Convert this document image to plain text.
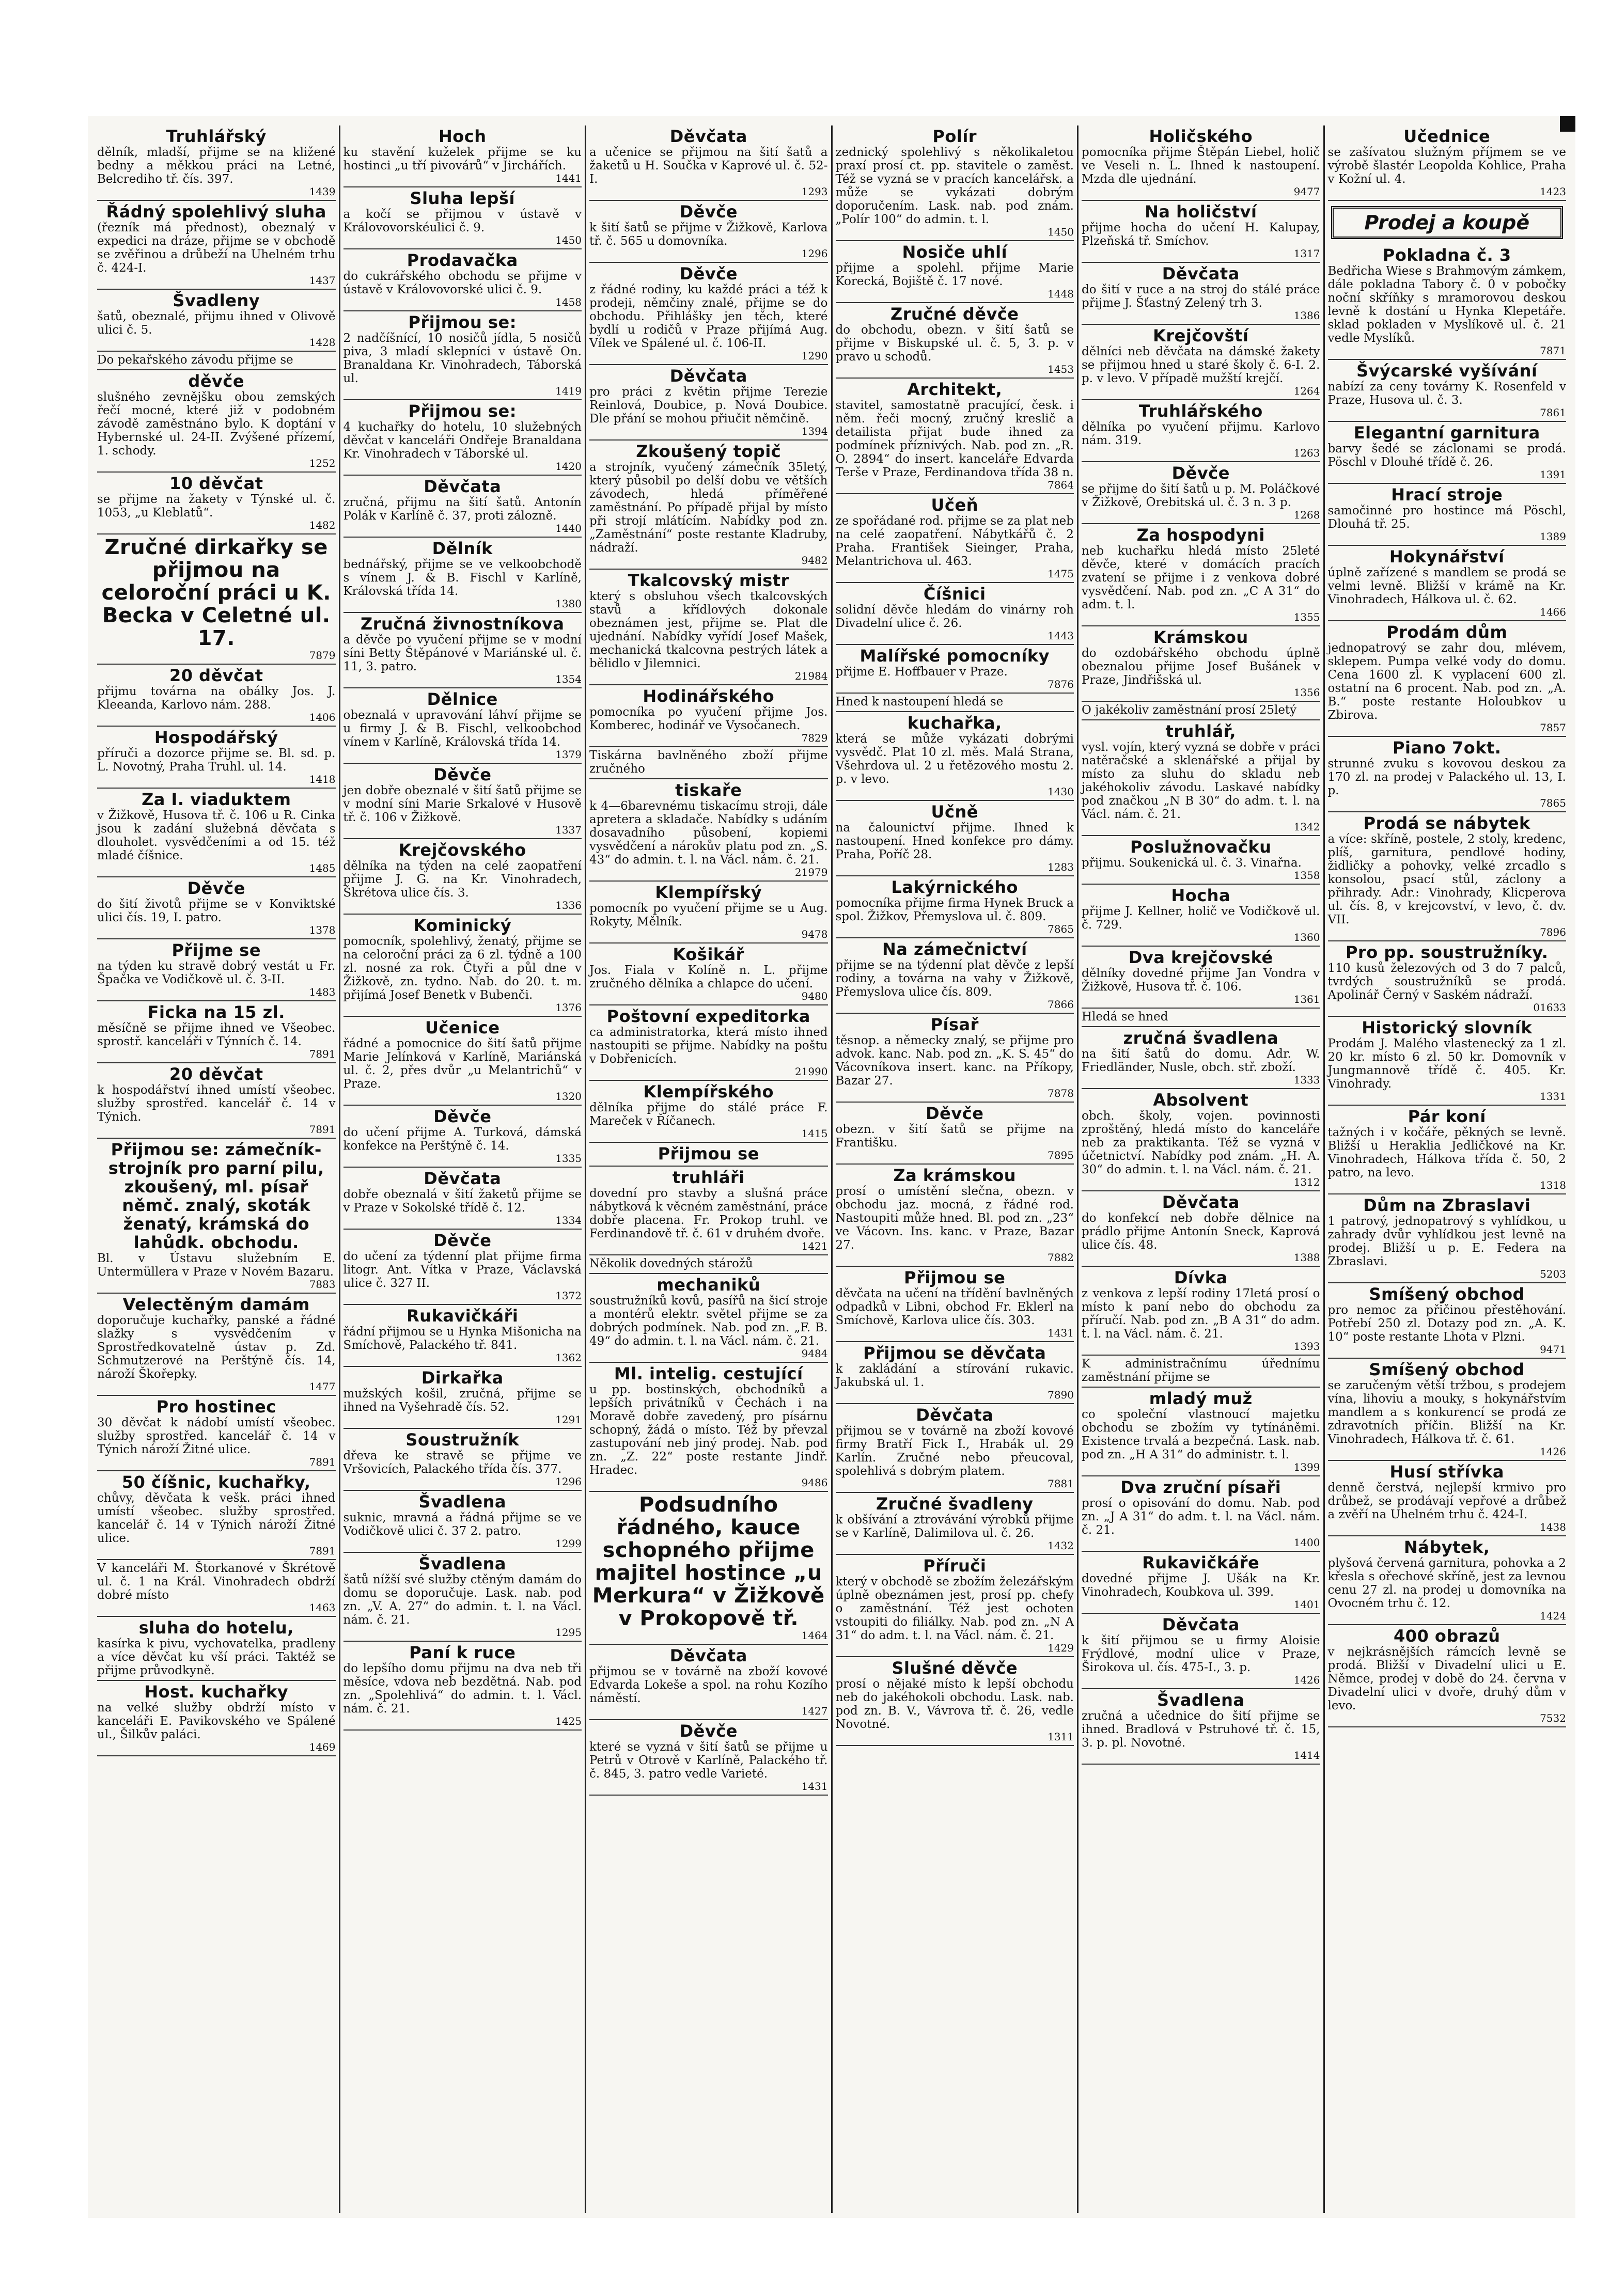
Truhlářský
dělník, mladší, přijme se na kližené bedny a měkkou práci na Letné, Belcrediho tř. čís. 397.
1439
Řádný spolehlivý sluha
(řezník má přednost), obeznalý v expedici na dráze, přijme se v obchodě se zvěřinou a drůbeží na Uhelném trhu č. 424-I.
1437
Švadleny
šatů, obeznalé, přijmu ihned v Olivově ulici č. 5.
1428
Do pekařského závodu přijme se
děvče
slušného zevnějšku obou zemských řečí mocné, které již v podobném závodě zaměstnáno bylo. K doptání v Hybernské ul. 24-II. Zvýšené přízemí, 1. schody.
1252
10 děvčat
se přijme na žakety v Týnské ul. č. 1053, „u Kleblatů“.
1482
Zručné dirkařky se přijmou na celoroční práci u K. Becka v Celetné ul. 17.
7879
20 děvčat
přijmu továrna na obálky Jos. J. Kleeanda, Karlovo nám. 288.
1406
Hospodářský
příruči a dozorce přijme se. Bl. sd. p. L. Novotný, Praha Truhl. ul. 14.
1418
Za I. viaduktem
v Žižkově, Husova tř. č. 106 u R. Cinka jsou k zadání služebná děvčata s dlouholet. vysvědčeními a od 15. též mladé číšnice.
1485
Děvče
do šití životů přijme se v Konviktské ulici čís. 19, I. patro.
1378
Přijme se
na týden ku stravě dobrý vestát u Fr. Špačka ve Vodičkově ul. č. 3-II.
1483
Ficka na 15 zl.
měsíčně se přijme ihned ve Všeobec. sprostř. kanceláři v Týnních č. 14.
7891
20 děvčat
k hospodářství ihned umístí všeobec. služby sprostřed. kancelář č. 14 v Týnich.
7891
Přijmou se: zámečník-strojník pro parní pilu, zkoušený, ml. písař němč. znalý, skoták ženatý, krámská do lahůdk. obchodu.
Bl. v Ústavu služebním E. Untermüllera v Praze v Novém Bazaru.
7883
Velectěným damám
doporučuje kuchařky, panské a řádné slažky s vysvědčením v Sprostředkovatelně ústav p. Zd. Schmutzerové na Perštýně čís. 14, nároží Škořepky.
1477
Pro hostinec
30 děvčat k nádobí umístí všeobec. služby sprostřed. kancelář č. 14 v Týnich nároží Žitné ulice.
7891
50 číšnic, kuchařky,
chůvy, děvčata k vešk. práci ihned umístí všeobec. služby sprostřed. kancelář č. 14 v Týnich nároží Žitné ulice.
7891
V kanceláři M. Štorkanové v Škrétově ul. č. 1 na Král. Vinohradech obdrží dobré místo
1463
sluha do hotelu,
kasírka k pivu, vychovatelka, pradleny a více děvčat ku vší práci. Taktéž se přijme průvodkyně.
Host. kuchařky
na velké služby obdrží místo v kanceláři E. Pavikovského ve Spálené ul., Šilkův paláci.
1469
Hoch
ku stavění kuželek přijme se ku hostinci „u tří pivovárů“ v Jirchářích.
1441
Sluha lepší
a kočí se přijmou v ústavě v Královovorskéulici č. 9.
1450
Prodavačka
do cukrářského obchodu se přijme v ústavě v Královovorské ulici č. 9.
1458
Přijmou se:
2 nadčíšnící, 10 nosičů jídla, 5 nosičů piva, 3 mladí sklepníci v ústavě On. Branaldana Kr. Vinohradech, Táborská ul.
1419
Přijmou se:
4 kuchařky do hotelu, 10 služebných děvčat v kanceláři Ondřeje Branaldana Kr. Vinohradech v Táborské ul.
1420
Děvčata
zručná, přijmu na šití šatů. Antonín Polák v Karlíně č. 37, proti zálozně.
1440
Dělník
bednářský, přijme se ve velkoobchodě s vínem J. & B. Fischl v Karlíně, Královská třída 14.
1380
Zručná živnostníkova
a děvče po vyučení přijme se v modní síni Betty Štěpánové v Mariánské ul. č. 11, 3. patro.
1354
Dělnice
obeznalá v upravování láhví přijme se u firmy J. & B. Fischl, velkoobchod vínem v Karlíně, Královská třída 14.
1379
Děvče
jen dobře obeznalé v šití šatů přijme se v modní síni Marie Srkalové v Husově tř. č. 106 v Žižkově.
1337
Krejčovského
dělníka na týden na celé zaopatření přijme J. G. na Kr. Vinohradech, Škrétova ulice čís. 3.
1336
Kominický
pomocník, spolehlivý, ženatý, přijme se na celoroční práci za 6 zl. týdně a 100 zl. nosné za rok. Čtyři a půl dne v Žižkově, zn. tydno. Nab. do 20. t. m. přijímá Josef Benetk v Bubenči.
1376
Učenice
řádné a pomocnice do šití šatů přijme Marie Jelínková v Karlíně, Mariánská ul. č. 2, přes dvůr „u Melantrichů“ v Praze.
1320
Děvče
do učení přijme A. Turková, dámská konfekce na Perštýně č. 14.
1335
Děvčata
dobře obeznalá v šití žaketů přijme se v Praze v Sokolské třídě č. 12.
1334
Děvče
do učení za týdenní plat přijme firma litogr. Ant. Vítka v Praze, Václavská ulice č. 327 II.
1372
Rukavičkáři
řádní přijmou se u Hynka Mišonicha na Smíchově, Palackého tř. 841.
1362
Dirkařka
mužských košil, zručná, přijme se ihned na Vyšehradě čís. 52.
1291
Soustružník
dřeva ke stravě se přijme ve Vršovicích, Palackého třída čís. 377.
1296
Švadlena
suknic, mravná a řádná přijme se ve Vodičkově ulici č. 37 2. patro.
1299
Švadlena
šatů nížší své služby ctěným damám do domu se doporučuje. Lask. nab. pod zn. „V. A. 27“ do admin. t. l. na Václ. nám. č. 21.
1295
Paní k ruce
do lepšího domu přijmu na dva neb tři měsíce, vdova neb bezdětná. Nab. pod zn. „Spolehlivá“ do admin. t. l. Václ. nám. č. 21.
1425
Děvčata
a učenice se přijmou na šití šatů a žaketů u H. Součka v Kaprové ul. č. 52-I.
1293
Děvče
k šití šatů se přijme v Žižkově, Karlova tř. č. 565 u domovníka.
1296
Děvče
z řádné rodiny, ku každé práci a též k prodeji, němčiny znalé, přijme se do obchodu. Přihlášky jen těch, které bydlí u rodičů v Praze přijímá Aug. Vílek ve Spálené ul. č. 106-II.
1290
Děvčata
pro práci z květin přijme Terezie Reinlová, Doubice, p. Nová Doubice. Dle přání se mohou přiučit němčině.
1394
Zkoušený topič
a strojník, vyučený zámečník 35letý, který působil po delší dobu ve větších závodech, hledá příměřené zaměstnání. Po případě přijal by místo při strojí mlátícím. Nabídky pod zn. „Zaměstnání“ poste restante Kladruby, nádraží.
9482
Tkalcovský mistr
který s obsluhou všech tkalcovských stavů a křídlových dokonale obeznámen jest, přijme se. Plat dle ujednání. Nabídky vyřídí Josef Mašek, mechanická tkalcovna pestrých látek a bělidlo v Jilemnici.
21984
Hodinářského
pomocníka po vyučení přijme Jos. Komberec, hodinář ve Vysočanech.
7829
Tiskárna bavlněného zboží přijme zručného
tiskaře
k 4—6barevnému tiskacímu stroji, dále apretera a skladače. Nabídky s udáním dosavadního působení, kopiemi vysvědčení a nárokův platu pod zn. „S. 43“ do admin. t. l. na Václ. nám. č. 21.
21979
Klempířský
pomocník po vyučení přijme se u Aug. Rokyty, Mělník.
9478
Košikář
Jos. Fiala v Kolíně n. L. přijme zručného dělníka a chlapce do učení.
9480
Poštovní expeditorka
ca administratorka, která místo ihned nastoupiti se přijme. Nabídky na poštu v Dobřenicích.
21990
Klempířského
dělníka přijme do stálé práce F. Mareček v Říčanech.
1415
Přijmou se
truhláři
dovední pro stavby a slušná práce nábytková k věcném zaměstnání, práce dobře placena. Fr. Prokop truhl. ve Ferdinandově tř. č. 61 v druhém dvoře.
1421
Několik dovedných stárožů
mechaniků
soustružníků kovů, pasířů na šicí stroje a montérů elektr. světel přijme se za dobrých podmínek. Nab. pod zn. „F. B. 49“ do admin. t. l. na Václ. nám. č. 21.
9484
Ml. intelig. cestující
u pp. bostinských, obchodníků a lepších privátníků v Čechách i na Moravě dobře zavedený, pro písárnu schopný, žádá o místo. Též by převzal zastupování neb jiný prodej. Nab. pod zn. „Z. 22“ poste restante Jindř. Hradec.
9486
Podsudního řádného, kauce schopného přijme majitel hostince „u Merkura“ v Žižkově v Prokopově tř.
1464
Děvčata
přijmou se v továrně na zboží kovové Edvarda Lokeše a spol. na rohu Kozího náměstí.
1427
Děvče
které se vyzná v šití šatů se přijme u Petrů v Otrově v Karlíně, Palackého tř. č. 845, 3. patro vedle Varieté.
1431
Polír
zednický spolehlivý s několikaletou praxí prosí ct. pp. stavitele o zaměst. Též se vyzná se v pracích kancelářsk. a může se vykázati dobrým doporučením. Lask. nab. pod znám. „Polír 100“ do admin. t. l.
1450
Nosiče uhlí
přijme a spolehl. přijme Marie Korecká, Bojiště č. 17 nové.
1448
Zručné děvče
do obchodu, obezn. v šití šatů se přijme v Biskupské ul. č. 5, 3. p. v pravo u schodů.
1453
Architekt,
stavitel, samostatně pracující, česk. i něm. řeči mocný, zručný kreslič a detailista přijat bude ihned za podmínek příznivých. Nab. pod zn. „R. O. 2894“ do insert. kanceláře Edvarda Terše v Praze, Ferdinandova třída 38 n.
7864
Učeň
ze spořádané rod. přijme se za plat neb na celé zaopatření. Nábytkářů č. 2 Praha. František Sieinger, Praha, Melantrichova ul. 463.
1475
Číšnici
solidní děvče hledám do vinárny roh Divadelní ulice č. 26.
1443
Malířské pomocníky
přijme E. Hoffbauer v Praze.
7876
Hned k nastoupení hledá se
kuchařka,
která se může vykázati dobrými vysvědč. Plat 10 zl. měs. Malá Strana, Všehrdova ul. 2 u řetězového mostu 2. p. v levo.
1430
Učně
na čalounictví přijme. Ihned k nastoupení. Hned konfekce pro dámy. Praha, Poříč 28.
1283
Lakýrnického
pomocníka přijme firma Hynek Bruck a spol. Žižkov, Přemyslova ul. č. 809.
7865
Na zámečnictví
přijme se na týdenní plat děvče z lepší rodiny, a továrna na vahy v Žižkově, Přemyslova ulice čís. 809.
7866
Písař
těsnop. a německy znalý, se přijme pro advok. kanc. Nab. pod zn. „K. S. 45“ do Vácovníkova insert. kanc. na Příkopy, Bazar 27.
7878
Děvče
obezn. v šití šatů se přijme na Františku.
7895
Za krámskou
prosí o umístění slečna, obezn. v obchodu jaz. mocná, z řádné rod. Nastoupiti může hned. Bl. pod zn. „23“ ve Vácovn. Ins. kanc. v Praze, Bazar 27.
7882
Přijmou se
děvčata na učení na třídění bavlněných odpadků v Libni, obchod Fr. Eklerl na Smíchově, Karlova ulice čís. 303.
1431
Přijmou se děvčata
k zakládání a stírování rukavic. Jakubská ul. 1.
7890
Děvčata
přijmou se v továrně na zboží kovové firmy Bratří Fick I., Hrabák ul. 29 Karlín. Zručné nebo přeucoval, spolehlivá s dobrým platem.
7881
Zručné švadleny
k obšívání a ztrovávání výrobků přijme se v Karlíně, Dalimilova ul. č. 26.
1432
Příruči
který v obchodě se zbožím železářským úplně obeznámen jest, prosí pp. chefy o zaměstnání. Též jest ochoten vstoupiti do filiálky. Nab. pod zn. „N A 31“ do adm. t. l. na Václ. nám. č. 21.
1429
Slušné děvče
prosí o nějaké místo k lepší obchodu neb do jakéhokoli obchodu. Lask. nab. pod zn. B. V., Vávrova tř. č. 26, vedle Novotné.
1311
Holičského
pomocníka přijme Štěpán Liebel, holič ve Veseli n. L. Ihned k nastoupení. Mzda dle ujednání.
9477
Na holičství
přijme hocha do učení H. Kalupay, Plzeňská tř. Smíchov.
1317
Děvčata
do šití v ruce a na stroj do stálé práce přijme J. Šťastný Zelený trh 3.
1386
Krejčovští
dělníci neb děvčata na dámské žakety se přijmou hned u staré školy č. 6-I. 2. p. v levo. V případě mužští krejčí.
1264
Truhlářského
dělníka po vyučení přijmu. Karlovo nám. 319.
1263
Děvče
se přijme do šití šatů u p. M. Poláčkové v Žižkově, Orebitská ul. č. 3 n. 3 p.
1268
Za hospodyni
neb kuchařku hledá místo 25leté děvče, které v domácích pracích zvatení se přijme i z venkova dobré vysvědčení. Nab. pod zn. „C A 31“ do adm. t. l.
1355
Krámskou
do ozdobářského obchodu úplně obeznalou přijme Josef Bušánek v Praze, Jindřišská ul.
1356
O jakékoliv zaměstnání prosí 25letý
truhlář,
vysl. vojín, který vyzná se dobře v práci natěračské a sklenářské a přijal by místo za sluhu do skladu neb jakéhokoliv závodu. Laskavé nabídky pod značkou „N B 30“ do adm. t. l. na Václ. nám. č. 21.
1342
Poslužnovačku
přijmu. Soukenická ul. č. 3. Vinařna.
1358
Hocha
přijme J. Kellner, holič ve Vodičkově ul. č. 729.
1360
Dva krejčovské
dělníky dovedné přijme Jan Vondra v Žižkově, Husova tř. č. 106.
1361
Hledá se hned
zručná švadlena
na šití šatů do domu. Adr. W. Friedländer, Nusle, obch. stř. zboží.
1333
Absolvent
obch. školy, vojen. povinnosti zproštěný, hledá místo do kanceláře neb za praktikanta. Též se vyzná v účetnictví. Nabídky pod znám. „H. A. 30“ do admin. t. l. na Václ. nám. č. 21.
1312
Děvčata
do konfekcí neb dobře dělnice na prádlo přijme Antonín Sneck, Kaprová ulice čís. 48.
1388
Dívka
z venkova z lepší rodiny 17letá prosí o místo k paní nebo do obchodu za příručí. Nab. pod zn. „B A 31“ do adm. t. l. na Václ. nám. č. 21.
1393
K administračnímu úřednímu zaměstnání přijme se
mladý muž
co společní vlastnoucí majetku obchodu se zbožím vy tytínáněmi. Existence trvalá a bezpečná. Lask. nab. pod zn. „H A 31“ do administr. t. l.
1399
Dva zruční písaři
prosí o opisování do domu. Nab. pod zn. „J A 31“ do adm. t. l. na Václ. nám. č. 21.
1400
Rukavičkáře
dovedné přijme J. Ušák na Kr. Vinohradech, Koubkova ul. 399.
1401
Děvčata
k šití přijmou se u firmy Aloisie Frýdlové, modní ulice v Praze, Širokova ul. čís. 475-I., 3. p.
1426
Švadlena
zručná a učednice do šití přijme se ihned. Bradlová v Pstruhové tř. č. 15, 3. p. pl. Novotné.
1414
Učednice
se zašívatou služným příjmem se ve výrobě šlastér Leopolda Kohlice, Praha v Kožní ul. 4.
1423
Prodej a koupě
Pokladna č. 3
Bedřicha Wiese s Brahmovým zámkem, dále pokladna Tabory č. 0 v pobočky noční skříňky s mramorovou deskou levně k dostání u Hynka Klepetáře. sklad pokladen v Myslíkově ul. č. 21 vedle Myslíků.
7871
Švýcarské vyšívání
nabízí za ceny továrny K. Rosenfeld v Praze, Husova ul. č. 3.
7861
Elegantní garnitura
barvy šedé se záclonami se prodá. Pöschl v Dlouhé třídě č. 26.
1391
Hrací stroje
samočinné pro hostince má Pöschl, Dlouhá tř. 25.
1389
Hokynářství
úplně zařízené s mandlem se prodá se velmi levně. Bližší v krámě na Kr. Vinohradech, Hálkova ul. č. 62.
1466
Prodám dům
jednopatrový se zahr dou, mlévem, sklepem. Pumpa velké vody do domu. Cena 1600 zl. K vyplacení 600 zl. ostatní na 6 procent. Nab. pod zn. „A. B.“ poste restante Holoubkov u Zbirova.
7857
Piano 7okt.
strunné zvuku s kovovou deskou za 170 zl. na prodej v Palackého ul. 13, I. p.
7865
Prodá se nábytek
a více: skříně, postele, 2 stoly, kredenc, plíš, garnitura, pendlové hodiny, židličky a pohovky, velké zrcadlo s konsolou, psací stůl, záclony a přihrady. Adr.: Vinohrady, Klicperova ul. čís. 8, v krejcovství, v levo, č. dv. VII.
7896
Pro pp. soustružníky.
110 kusů železových od 3 do 7 palců, tvrdých soustružníků se prodá. Apolinář Černý v Saském nádraží.
01633
Historický slovník
Prodám J. Malého vlastenecký za 1 zl. 20 kr. místo 6 zl. 50 kr. Domovník v Jungmannově třídě č. 405. Kr. Vinohrady.
1331
Pár koní
tažných i v kočáře, pěkných se levně. Bližší u Heraklia Jedličkové na Kr. Vinohradech, Hálkova třída č. 50, 2 patro, na levo.
1318
Dům na Zbraslavi
1 patrový, jednopatrový s vyhlídkou, u zahrady dvůr vyhlídkou jest levně na prodej. Bližší u p. E. Federa na Zbraslavi.
5203
Smíšený obchod
pro nemoc za přičinou přestěhování. Potřebí 250 zl. Dotazy pod zn. „A. K. 10“ poste restante Lhota v Plzni.
9471
Smíšený obchod
se zaručeným větší tržbou, s prodejem vína, lihoviu a mouky, s hokynářstvím mandlem a s konkurencí se prodá ze zdravotních příčin. Bližší na Kr. Vinohradech, Hálkova tř. č. 61.
1426
Husí střívka
denně čerstvá, nejlepší krmivo pro drůbež, se prodávají vepřové a drůbež a zvěří na Uhelném trhu č. 424-I.
1438
Nábytek,
plyšová červená garnitura, pohovka a 2 křesla s ořechové skříně, jest za levnou cenu 27 zl. na prodej u domovníka na Ovocném trhu č. 12.
1424
400 obrazů
v nejkrásnějších rámcích levně se prodá. Bližší v Divadelní ulici u E. Němce, prodej v době do 24. června v Divadelní ulici v dvoře, druhý dům v levo.
7532
